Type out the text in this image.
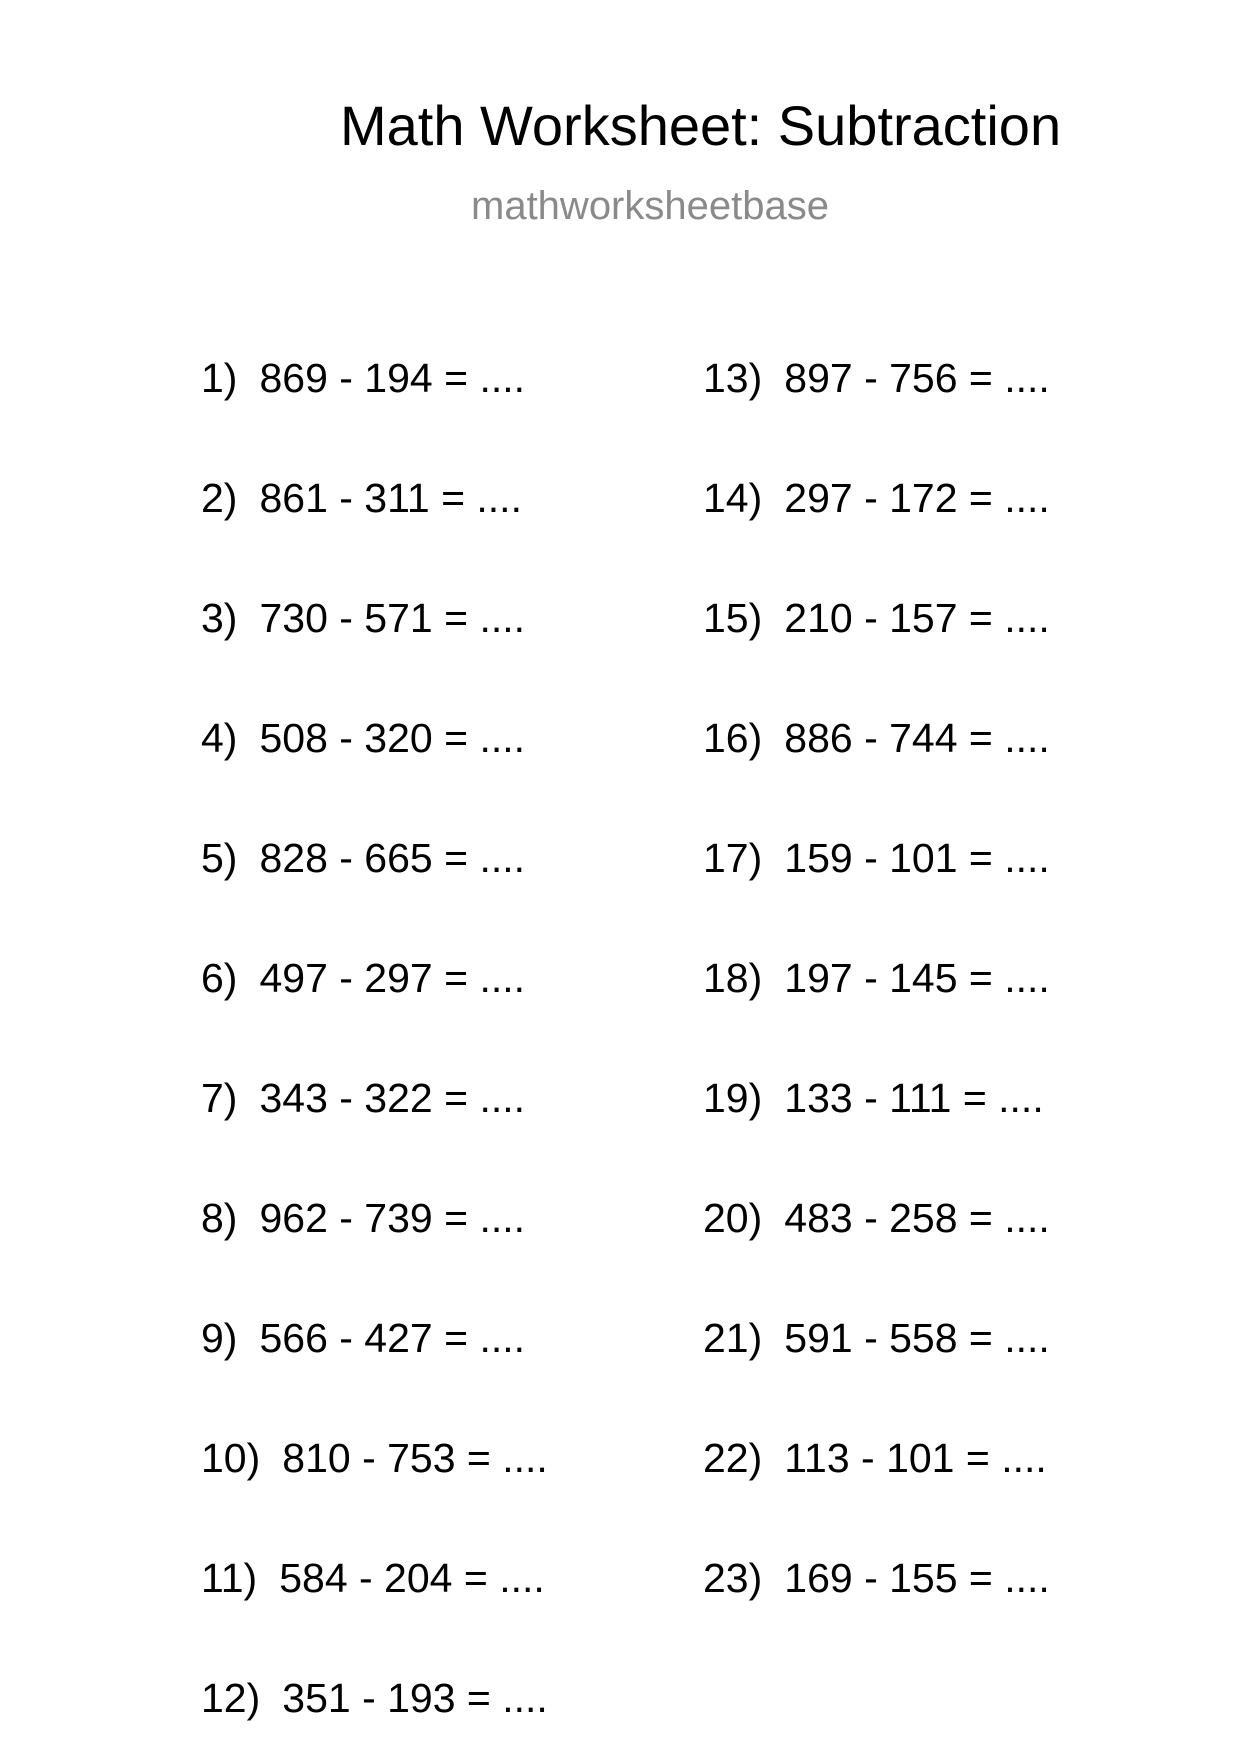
Math Worksheet: Subtraction
mathworksheetbase
1) 869 - 194 = ....
2) 861 - 311 = ....
3) 730 - 571 = ....
4) 508 - 320 = ....
5) 828 - 665 = ....
6) 497 - 297 = ....
7) 343 - 322 = ....
8) 962 - 739 = ....
9) 566 - 427 = ....
10) 810 - 753 = ....
11) 584 - 204 = ....
12) 351 - 193 = ....
13) 897 - 756 = ....
14) 297 - 172 = ....
15) 210 - 157 = ....
16) 886 - 744 = ....
17) 159 - 101 = ....
18) 197 - 145 = ....
19) 133 - 111 = ....
20) 483 - 258 = ....
21) 591 - 558 = ....
22) 113 - 101 = ....
23) 169 - 155 = ....
